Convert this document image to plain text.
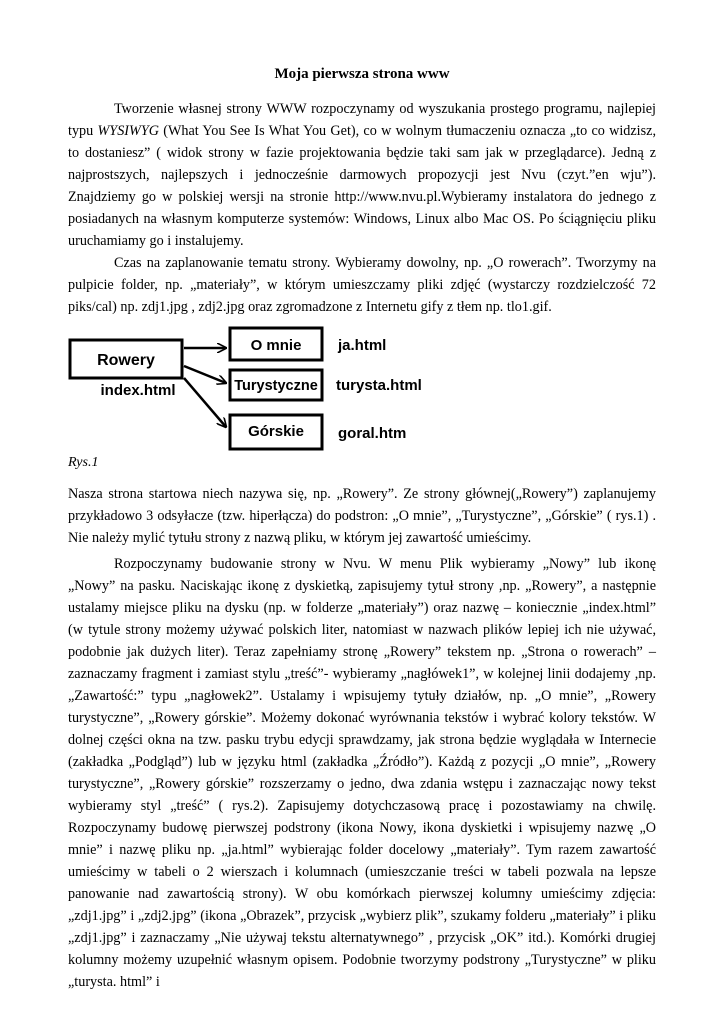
Moja pierwsza strona www

Tworzenie własnej strony WWW rozpoczynamy od wyszukania prostego programu, najlepiej typu WYSIWYG (What You See Is What You Get), co w wolnym tłumaczeniu oznacza „to co widzisz, to dostaniesz” ( widok strony w fazie projektowania będzie taki sam jak w przeglądarce). Jedną z najprostszych, najlepszych i jednocześnie darmowych propozycji jest Nvu (czyt.”en wju”). Znajdziemy go w polskiej wersji na stronie http://www.nvu.pl.Wybieramy instalatora do jednego z posiadanych na własnym komputerze systemów: Windows, Linux albo Mac OS. Po ściągnięciu pliku uruchamiamy go i instalujemy.

Czas na zaplanowanie tematu strony. Wybieramy dowolny, np. „O rowerach”. Tworzymy na pulpicie folder, np. „materiały”, w którym umieszczamy pliki zdjęć (wystarczy rozdzielczość 72 piks/cal) np. zdj1.jpg , zdj2.jpg oraz zgromadzone z Internetu gify z tłem np. tlo1.gif.

Rowery
index.html
O mnie ja.html
Turystyczne turysta.html
Górskie goral.htm

Rys.1

Nasza strona startowa niech nazywa się, np. „Rowery”. Ze strony głównej(„Rowery”) zaplanujemy przykładowo 3 odsyłacze (tzw. hiperłącza) do podstron: „O mnie”, „Turystyczne”, „Górskie” ( rys.1) . Nie należy mylić tytułu strony z nazwą pliku, w którym jej zawartość umieścimy.

Rozpoczynamy budowanie strony w Nvu. W menu Plik wybieramy „Nowy” lub ikonę „Nowy” na pasku. Naciskając ikonę z dyskietką, zapisujemy tytuł strony ,np. „Rowery”, a następnie ustalamy miejsce pliku na dysku (np. w folderze „materiały”) oraz nazwę – koniecznie „index.html” (w tytule strony możemy używać polskich liter, natomiast w nazwach plików lepiej ich nie używać, podobnie jak dużych liter). Teraz zapełniamy stronę „Rowery” tekstem np. „Strona o rowerach” – zaznaczamy fragment i zamiast stylu „treść”- wybieramy „nagłówek1”, w kolejnej linii dodajemy ,np. „Zawartość:” typu „nagłowek2”. Ustalamy i wpisujemy tytuły działów, np. „O mnie”, „Rowery turystyczne”, „Rowery górskie”. Możemy dokonać wyrównania tekstów i wybrać kolory tekstów. W dolnej części okna na tzw. pasku trybu edycji sprawdzamy, jak strona będzie wyglądała w Internecie (zakładka „Podgląd”) lub w języku html (zakładka „Źródło”). Każdą z pozycji „O mnie”, „Rowery turystyczne”, „Rowery górskie” rozszerzamy o jedno, dwa zdania wstępu i zaznaczając nowy tekst wybieramy styl „treść” ( rys.2). Zapisujemy dotychczasową pracę i pozostawiamy na chwilę. Rozpoczynamy budowę pierwszej podstrony (ikona Nowy, ikona dyskietki i wpisujemy nazwę „O mnie” i nazwę pliku np. „ja.html” wybierając folder docelowy „materiały”. Tym razem zawartość umieścimy w tabeli o 2 wierszach i kolumnach (umieszczanie treści w tabeli pozwala na lepsze panowanie nad zawartością strony). W obu komórkach pierwszej kolumny umieścimy zdjęcia: „zdj1.jpg” i „zdj2.jpg” (ikona „Obrazek”, przycisk „wybierz plik”, szukamy folderu „materiały” i pliku „zdj1.jpg” i zaznaczamy „Nie używaj tekstu alternatywnego” , przycisk „OK” itd.). Komórki drugiej kolumny możemy uzupełnić własnym opisem. Podobnie tworzymy podstrony „Turystyczne” w pliku „turysta. html” i
